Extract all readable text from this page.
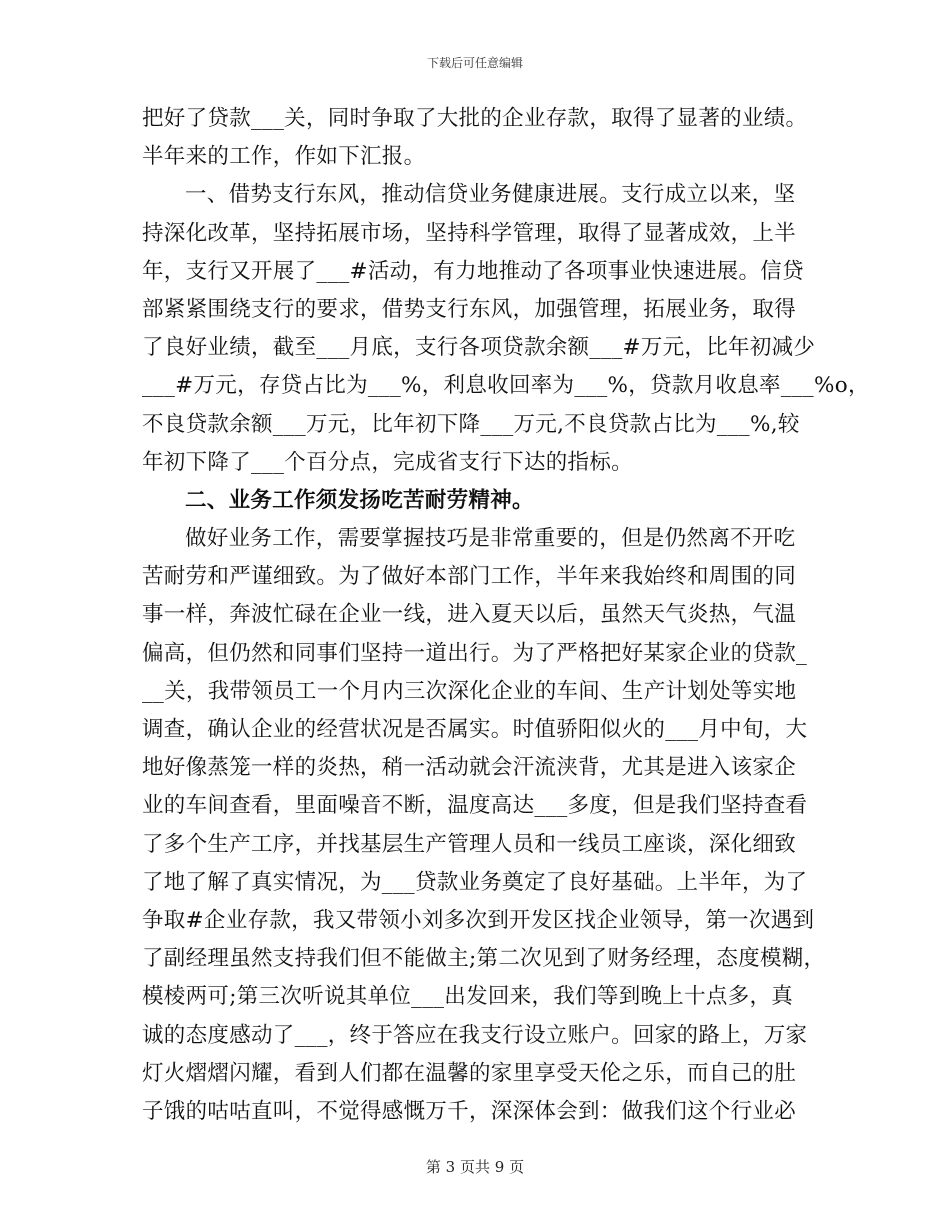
下载后可任意编辑
把好了贷款___关，同时争取了大批的企业存款，取得了显著的业绩。
半年来的工作，作如下汇报。
一、借势支行东风，推动信贷业务健康进展。支行成立以来，坚
持深化改革，坚持拓展市场，坚持科学管理，取得了显著成效，上半
年，支行又开展了___#活动，有力地推动了各项事业快速进展。信贷
部紧紧围绕支行的要求，借势支行东风，加强管理，拓展业务，取得
了良好业绩，截至___月底，支行各项贷款余额___#万元，比年初减少
___#万元，存贷占比为___%，利息收回率为___%，贷款月收息率___%o，
不良贷款余额___万元，比年初下降___万元,不良贷款占比为___%,较
年初下降了___个百分点，完成省支行下达的指标。
二、业务工作须发扬吃苦耐劳精神。
做好业务工作，需要掌握技巧是非常重要的，但是仍然离不开吃
苦耐劳和严谨细致。为了做好本部门工作，半年来我始终和周围的同
事一样，奔波忙碌在企业一线，进入夏天以后，虽然天气炎热，气温
偏高，但仍然和同事们坚持一道出行。为了严格把好某家企业的贷款_
__关，我带领员工一个月内三次深化企业的车间、生产计划处等实地
调查，确认企业的经营状况是否属实。时值骄阳似火的___月中旬，大
地好像蒸笼一样的炎热，稍一活动就会汗流浃背，尤其是进入该家企
业的车间查看，里面噪音不断，温度高达___多度，但是我们坚持查看
了多个生产工序，并找基层生产管理人员和一线员工座谈，深化细致
了地了解了真实情况，为___贷款业务奠定了良好基础。上半年，为了
争取#企业存款，我又带领小刘多次到开发区找企业领导，第一次遇到
了副经理虽然支持我们但不能做主;第二次见到了财务经理，态度模糊，
模棱两可;第三次听说其单位___出发回来，我们等到晚上十点多，真
诚的态度感动了___，终于答应在我支行设立账户。回家的路上，万家
灯火熠熠闪耀，看到人们都在温馨的家里享受天伦之乐，而自己的肚
子饿的咕咕直叫，不觉得感慨万千，深深体会到：做我们这个行业必
第 3 页共 9 页
